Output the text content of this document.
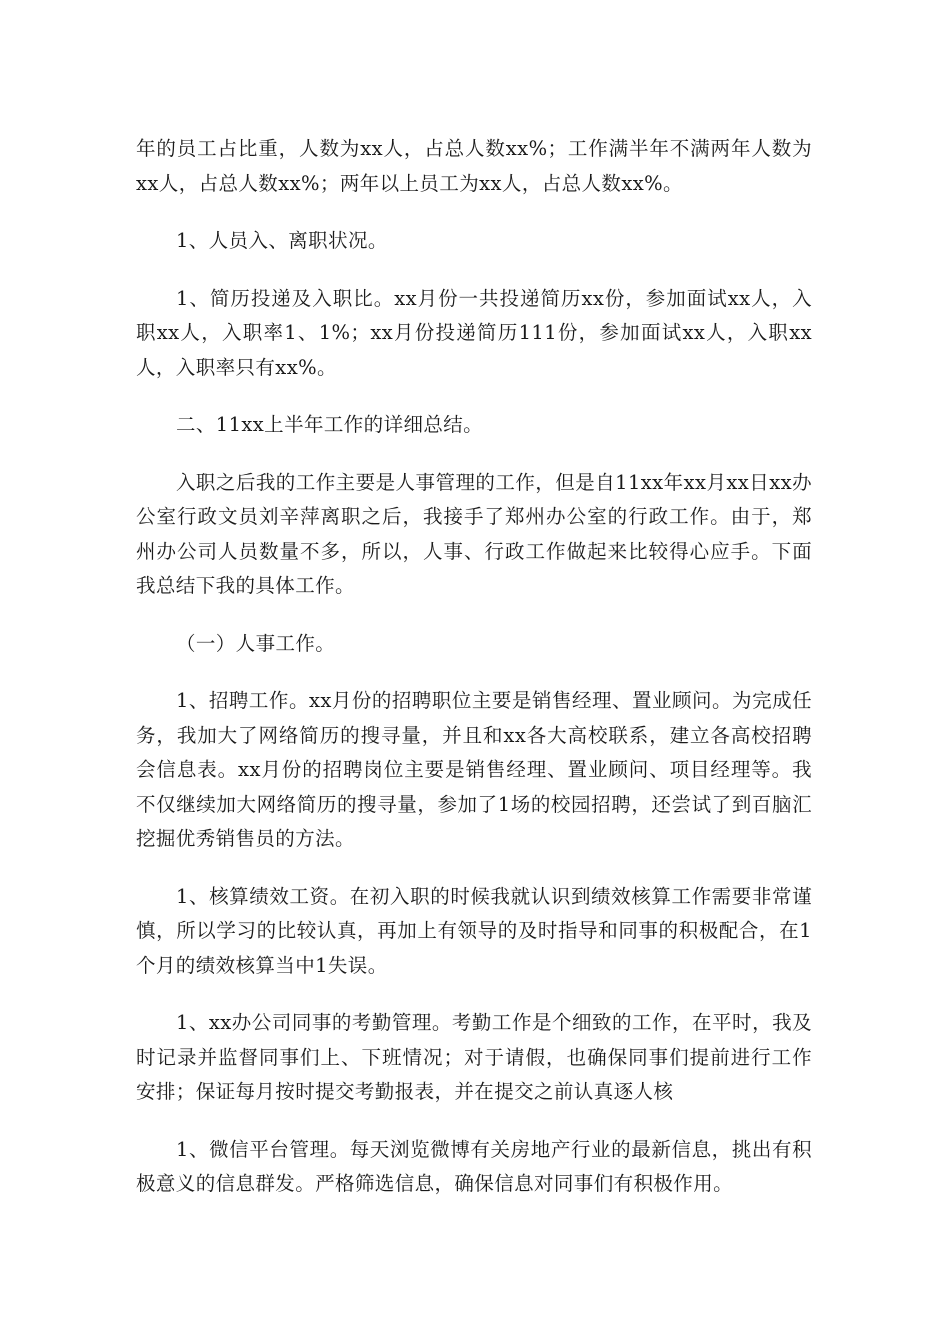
年的员工占比重，人数为xx人，占总人数xx%；工作满半年不满两年人数为xx人，占总人数xx%；两年以上员工为xx人，占总人数xx%。

1、人员入、离职状况。

1、简历投递及入职比。xx月份一共投递简历xx份，参加面试xx人，入职xx人，入职率1、1%；xx月份投递简历111份，参加面试xx人，入职xx人，入职率只有xx%。

二、11xx上半年工作的详细总结。

入职之后我的工作主要是人事管理的工作，但是自11xx年xx月xx日xx办公室行政文员刘辛萍离职之后，我接手了郑州办公室的行政工作。由于，郑州办公司人员数量不多，所以，人事、行政工作做起来比较得心应手。下面我总结下我的具体工作。

（一）人事工作。

1、招聘工作。xx月份的招聘职位主要是销售经理、置业顾问。为完成任务，我加大了网络简历的搜寻量，并且和xx各大高校联系，建立各高校招聘会信息表。xx月份的招聘岗位主要是销售经理、置业顾问、项目经理等。我不仅继续加大网络简历的搜寻量，参加了1场的校园招聘，还尝试了到百脑汇挖掘优秀销售员的方法。

1、核算绩效工资。在初入职的时候我就认识到绩效核算工作需要非常谨慎，所以学习的比较认真，再加上有领导的及时指导和同事的积极配合，在1个月的绩效核算当中1失误。

1、xx办公司同事的考勤管理。考勤工作是个细致的工作，在平时，我及时记录并监督同事们上、下班情况；对于请假，也确保同事们提前进行工作安排；保证每月按时提交考勤报表，并在提交之前认真逐人核

1、微信平台管理。每天浏览微博有关房地产行业的最新信息，挑出有积极意义的信息群发。严格筛选信息，确保信息对同事们有积极作用。
